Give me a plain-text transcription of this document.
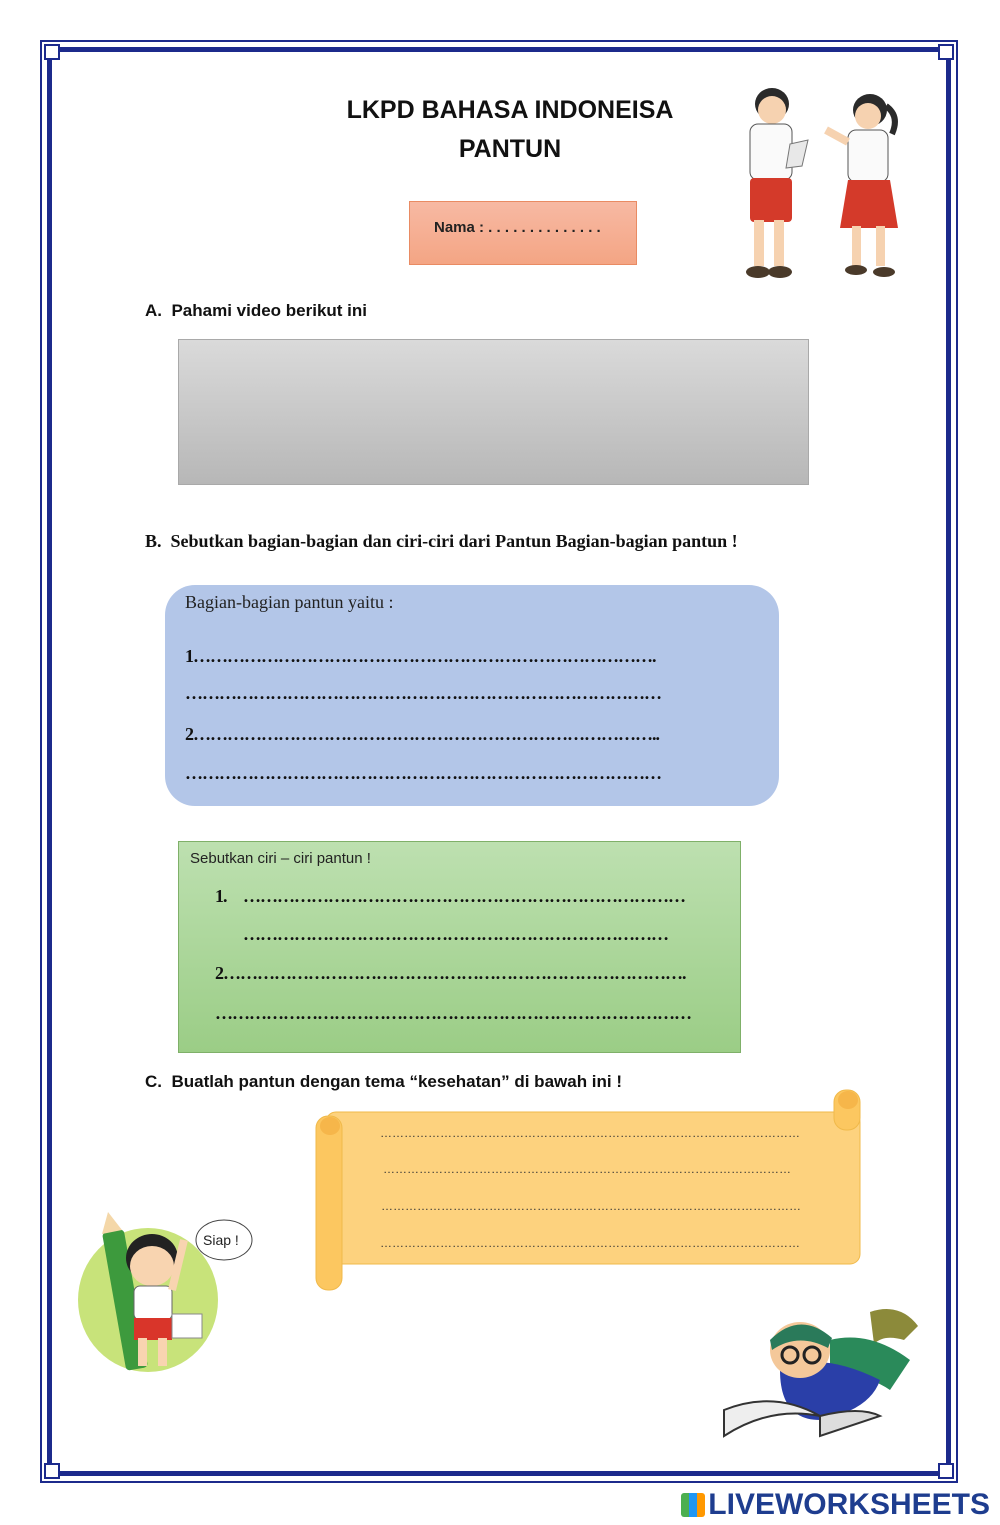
LKPD BAHASA INDONEISA
PANTUN
Nama : . . . . . . . . . . . . . .
A. Pahami video berikut ini
B. Sebutkan bagian-bagian dan ciri-ciri dari Pantun Bagian-bagian pantun !
Bagian-bagian pantun yaitu :
1……………………………………………………………………….
…………………………………………………………………………
2………………………………………………………………………..
…………………………………………………………………………
Sebutkan ciri – ciri pantun !
1. ……………………………………………………………………
…………………………………………………………………
2……………………………………………………………………….
…………………………………………………………………………
C. Buatlah pantun dengan tema “kesehatan” di bawah ini !
……………………………………………………………………………………………
…………………………………………………………………………………………
……………………………………………………………………………………………
……………………………………………………………………………………………
Siap !
LIVEWORKSHEETS
